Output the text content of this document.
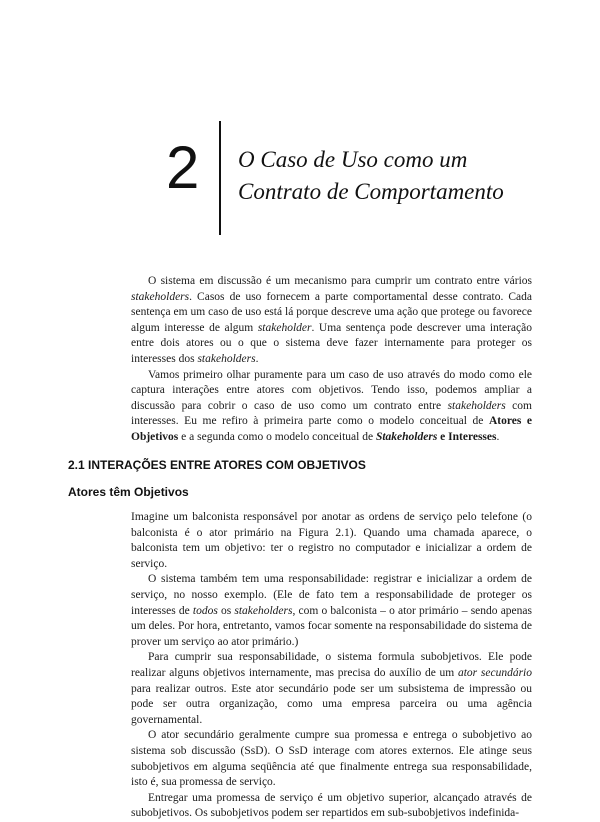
2 O Caso de Uso como um
Contrato de Comportamento

O sistema em discussão é um mecanismo para cumprir um contrato entre vários stakeholders. Casos de uso fornecem a parte comportamental desse contrato. Cada sentença em um caso de uso está lá porque descreve uma ação que protege ou favorece algum interesse de algum stakeholder. Uma sentença pode descrever uma interação entre dois atores ou o que o sistema deve fazer internamente para proteger os interesses dos stakeholders.

Vamos primeiro olhar puramente para um caso de uso através do modo como ele captura interações entre atores com objetivos. Tendo isso, podemos ampliar a discussão para cobrir o caso de uso como um contrato entre stakeholders com interesses. Eu me refiro à primeira parte como o modelo conceitual de Atores e Objetivos e a segunda como o modelo conceitual de Stakeholders e Interesses.

2.1 INTERAÇÕES ENTRE ATORES COM OBJETIVOS
Atores têm Objetivos

Imagine um balconista responsável por anotar as ordens de serviço pelo telefone (o balconista é o ator primário na Figura 2.1). Quando uma chamada aparece, o balconista tem um objetivo: ter o registro no computador e inicializar a ordem de serviço.

O sistema também tem uma responsabilidade: registrar e inicializar a ordem de serviço, no nosso exemplo. (Ele de fato tem a responsabilidade de proteger os interesses de todos os stakeholders, com o balconista – o ator primário – sendo apenas um deles. Por hora, entretanto, vamos focar somente na responsabilidade do sistema de prover um serviço ao ator primário.)

Para cumprir sua responsabilidade, o sistema formula subobjetivos. Ele pode realizar alguns objetivos internamente, mas precisa do auxílio de um ator secundário para realizar outros. Este ator secundário pode ser um subsistema de impressão ou pode ser outra organização, como uma empresa parceira ou uma agência governamental.

O ator secundário geralmente cumpre sua promessa e entrega o subobjetivo ao sistema sob discussão (SsD). O SsD interage com atores externos. Ele atinge seus subobjetivos em alguma seqüência até que finalmente entrega sua responsabilidade, isto é, sua promessa de serviço.

Entregar uma promessa de serviço é um objetivo superior, alcançado através de subobjetivos. Os subobjetivos podem ser repartidos em sub-subobjetivos indefinida-
